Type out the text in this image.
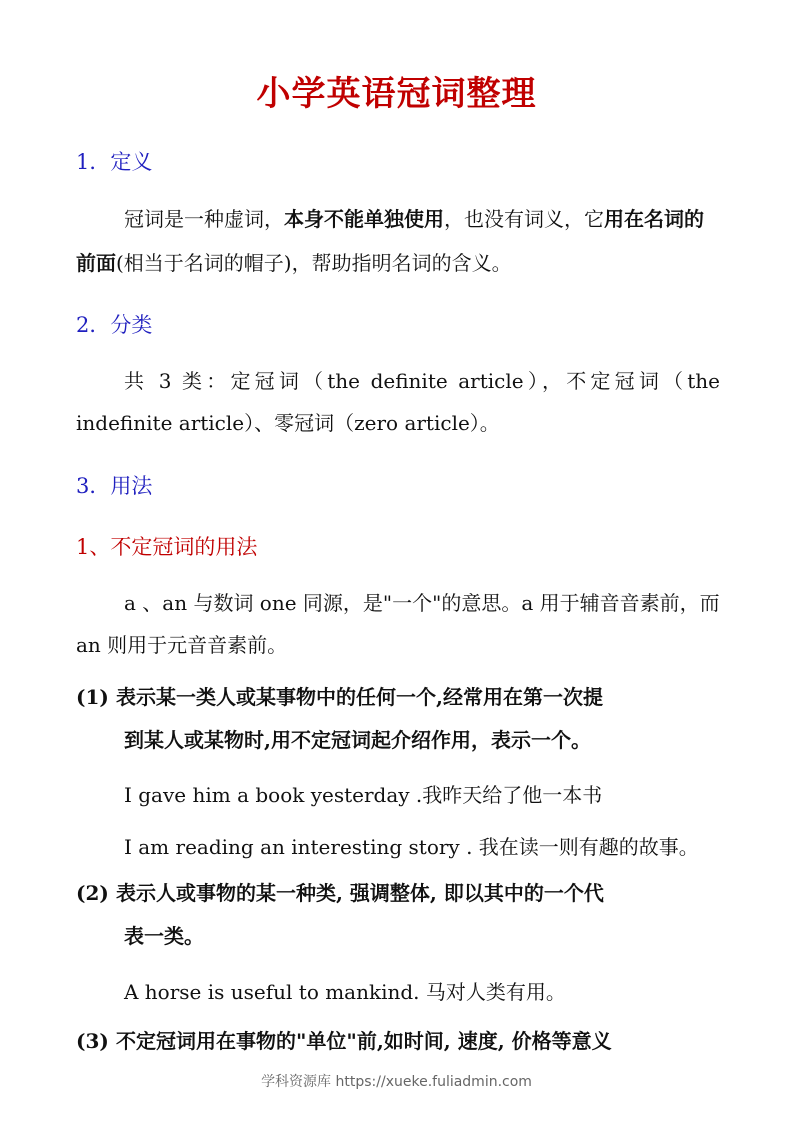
小学英语冠词整理
1．定义

冠词是一种虚词，本身不能单独使用，也没有词义，它用在名词的前面(相当于名词的帽子)，帮助指明名词的含义。

2．分类

共 3 类：定冠词（the definite article），不定冠词（the indefinite article）、零冠词（zero article）。

3．用法
1、不定冠词的用法

a 、an 与数词 one 同源，是"一个"的意思。a 用于辅音音素前，而 an 则用于元音音素前。

(1) 表示某一类人或某事物中的任何一个,经常用在第一次提
到某人或某物时,用不定冠词起介绍作用，表示一个。
I gave him a book yesterday .我昨天给了他一本书
I am reading an interesting story . 我在读一则有趣的故事。
(2) 表示人或事物的某一种类, 强调整体, 即以其中的一个代
表一类。
A horse is useful to mankind. 马对人类有用。
(3) 不定冠词用在事物的"单位"前,如时间, 速度, 价格等意义
学科资源库 https://xueke.fuliadmin.com
